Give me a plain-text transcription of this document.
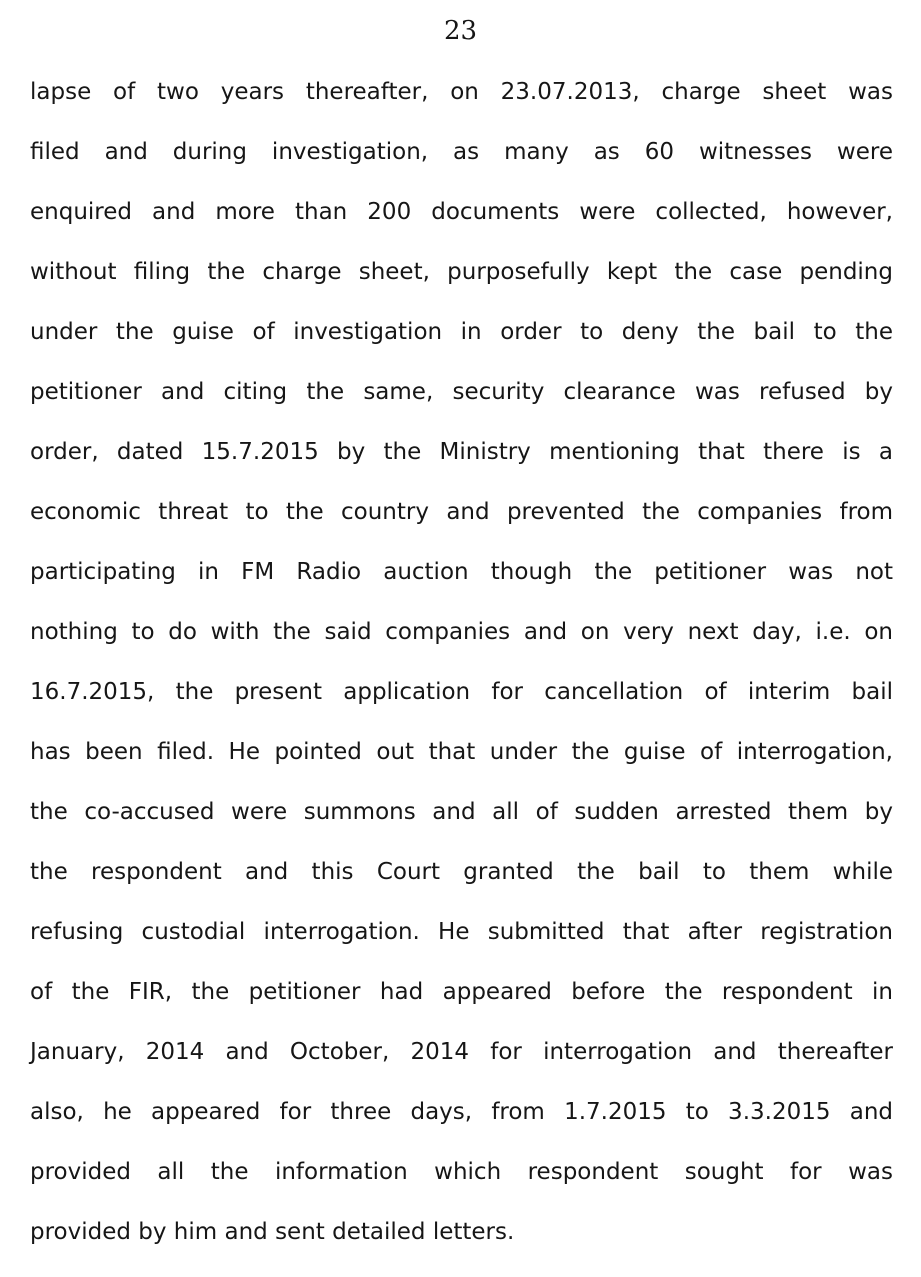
23
lapse of two years thereafter, on 23.07.2013, charge sheet was
filed and during investigation, as many as 60 witnesses were
enquired and more than 200 documents were collected, however,
without filing the charge sheet, purposefully kept the case pending
under the guise of investigation in order to deny the bail to the
petitioner and citing the same, security clearance was refused by
order, dated 15.7.2015 by the Ministry mentioning that there is a
economic threat to the country and prevented the companies from
participating in FM Radio auction though the petitioner was not
nothing to do with the said companies and on very next day, i.e. on
16.7.2015, the present application for cancellation of interim bail
has been filed. He pointed out that under the guise of interrogation,
the co-accused were summons and all of sudden arrested them by
the respondent and this Court granted the bail to them while
refusing custodial interrogation. He submitted that after registration
of the FIR, the petitioner had appeared before the respondent in
January, 2014 and October, 2014 for interrogation and thereafter
also, he appeared for three days, from 1.7.2015 to 3.3.2015 and
provided all the information which respondent sought for was
provided by him and sent detailed letters.
